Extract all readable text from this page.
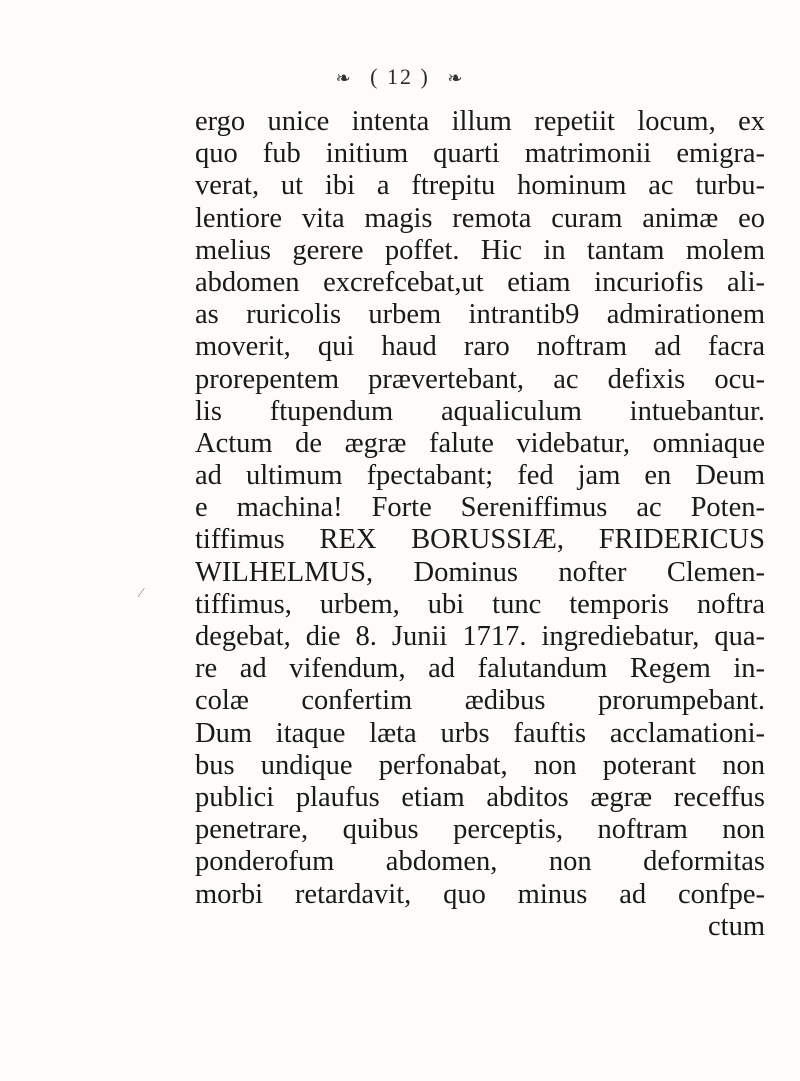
❧ ( 12 ) ❧
⁄
ergo unice intenta illum repetiit locum, ex
quo fub initium quarti matrimonii emigra-
verat, ut ibi a ftrepitu hominum ac turbu-
lentiore vita magis remota curam animæ eo
melius gerere poffet. Hic in tantam molem
abdomen excrefcebat,ut etiam incuriofis ali-
as ruricolis urbem intrantib9 admirationem
moverit, qui haud raro noftram ad facra
prorepentem prævertebant, ac defixis ocu-
lis ftupendum aqualiculum intuebantur.
Actum de ægræ falute videbatur, omniaque
ad ultimum fpectabant; fed jam en Deum
e machina! Forte Sereniffimus ac Poten-
tiffimus REX BORUSSIÆ, FRIDERICUS
WILHELMUS, Dominus nofter Clemen-
tiffimus, urbem, ubi tunc temporis noftra
degebat, die 8. Junii 1717. ingrediebatur, qua-
re ad vifendum, ad falutandum Regem in-
colæ confertim ædibus prorumpebant.
Dum itaque læta urbs fauftis acclamationi-
bus undique perfonabat, non poterant non
publici plaufus etiam abditos ægræ receffus
penetrare, quibus perceptis, noftram non
ponderofum abdomen, non deformitas
morbi retardavit, quo minus ad confpe-
ctum
